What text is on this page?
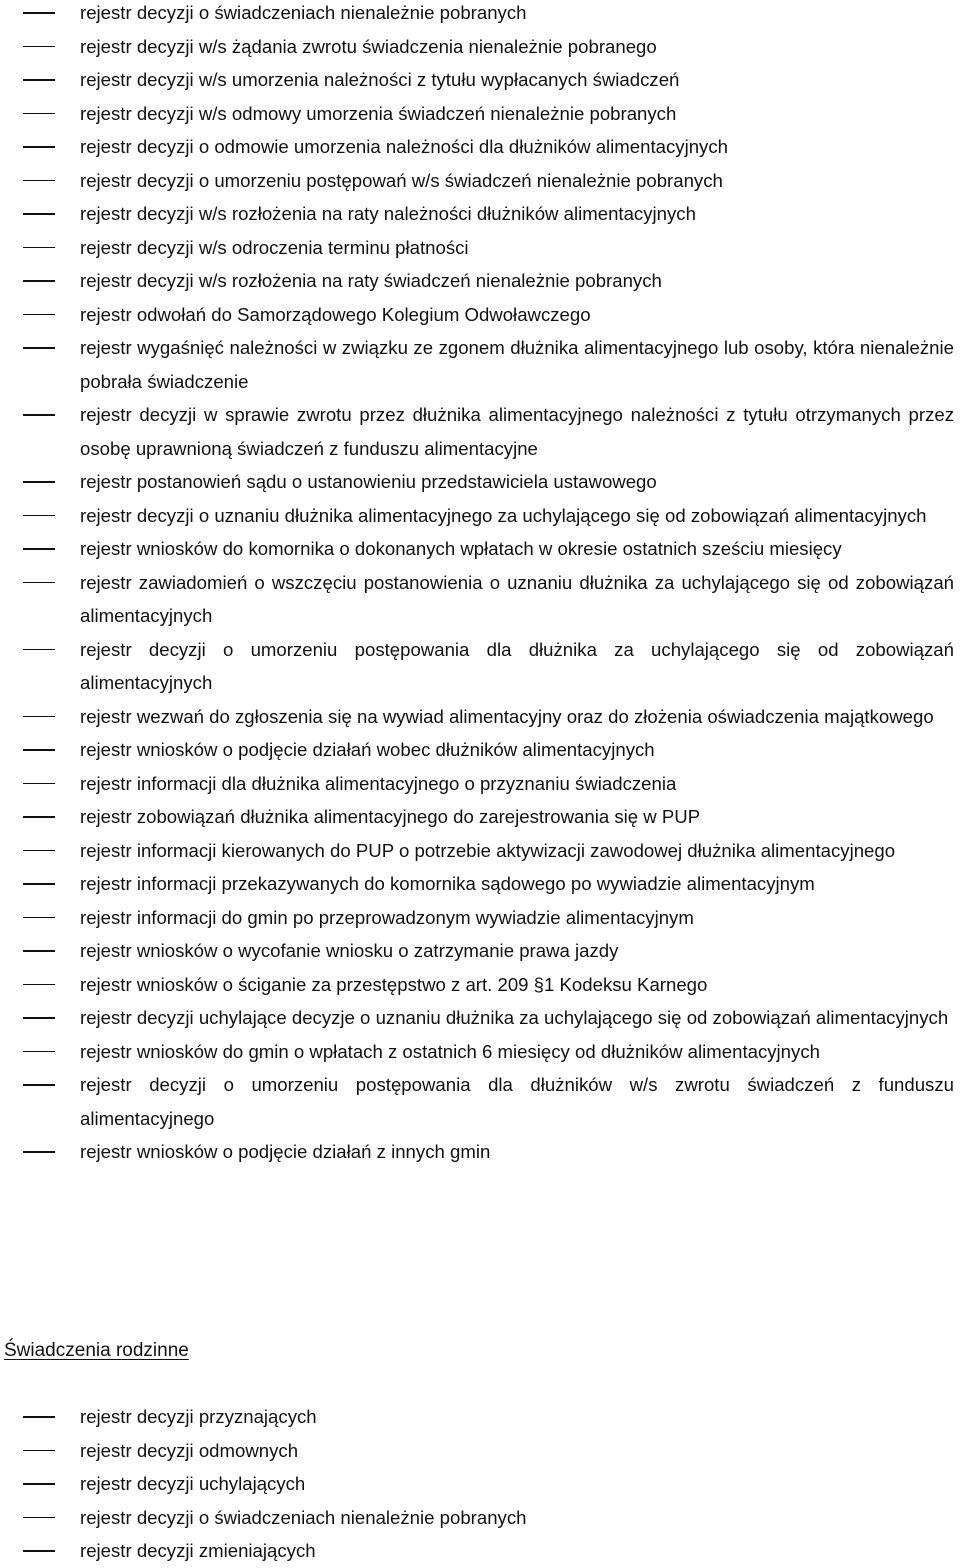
rejestr decyzji o świadczeniach nienależnie pobranych
rejestr decyzji w/s żądania zwrotu świadczenia nienależnie pobranego
rejestr decyzji w/s umorzenia należności z tytułu wypłacanych świadczeń
rejestr decyzji w/s odmowy umorzenia świadczeń nienależnie pobranych
rejestr decyzji o odmowie umorzenia należności dla dłużników alimentacyjnych
rejestr decyzji o umorzeniu postępowań w/s świadczeń nienależnie pobranych
rejestr decyzji w/s rozłożenia na raty należności dłużników alimentacyjnych
rejestr decyzji w/s odroczenia terminu płatności
rejestr decyzji w/s rozłożenia na raty świadczeń nienależnie pobranych
rejestr odwołań do Samorządowego Kolegium Odwoławczego
rejestr wygaśnięć należności w związku ze zgonem dłużnika alimentacyjnego lub osoby, która nienależnie pobrała świadczenie
rejestr decyzji w sprawie zwrotu przez dłużnika alimentacyjnego należności z tytułu otrzymanych przez osobę uprawnioną świadczeń z funduszu alimentacyjne
rejestr postanowień sądu o ustanowieniu przedstawiciela ustawowego
rejestr decyzji o uznaniu dłużnika alimentacyjnego za uchylającego się od zobowiązań alimentacyjnych
rejestr wniosków do komornika o dokonanych wpłatach w okresie ostatnich sześciu miesięcy
rejestr zawiadomień o wszczęciu postanowienia o uznaniu dłużnika za uchylającego się od zobowiązań alimentacyjnych
rejestr decyzji o umorzeniu postępowania dla dłużnika za uchylającego się od zobowiązań alimentacyjnych
rejestr wezwań do zgłoszenia się na wywiad alimentacyjny oraz do złożenia oświadczenia majątkowego
rejestr wniosków o podjęcie działań wobec dłużników alimentacyjnych
rejestr informacji dla dłużnika alimentacyjnego o przyznaniu świadczenia
rejestr zobowiązań dłużnika alimentacyjnego do zarejestrowania się w PUP
rejestr informacji kierowanych do PUP o potrzebie aktywizacji zawodowej dłużnika alimentacyjnego
rejestr informacji przekazywanych do komornika sądowego po wywiadzie alimentacyjnym
rejestr informacji do gmin po przeprowadzonym wywiadzie alimentacyjnym
rejestr wniosków o wycofanie wniosku o zatrzymanie prawa jazdy
rejestr wniosków o ściganie za przestępstwo z art. 209 §1 Kodeksu Karnego
rejestr decyzji uchylające decyzje o uznaniu dłużnika za uchylającego się od zobowiązań alimentacyjnych
rejestr wniosków do gmin o wpłatach z ostatnich 6 miesięcy od dłużników alimentacyjnych
rejestr decyzji o umorzeniu postępowania dla dłużników w/s zwrotu świadczeń z funduszu alimentacyjnego
rejestr wniosków o podjęcie działań z innych gmin
Świadczenia rodzinne
rejestr decyzji przyznających
rejestr decyzji odmownych
rejestr decyzji uchylających
rejestr decyzji o świadczeniach nienależnie pobranych
rejestr decyzji zmieniających
